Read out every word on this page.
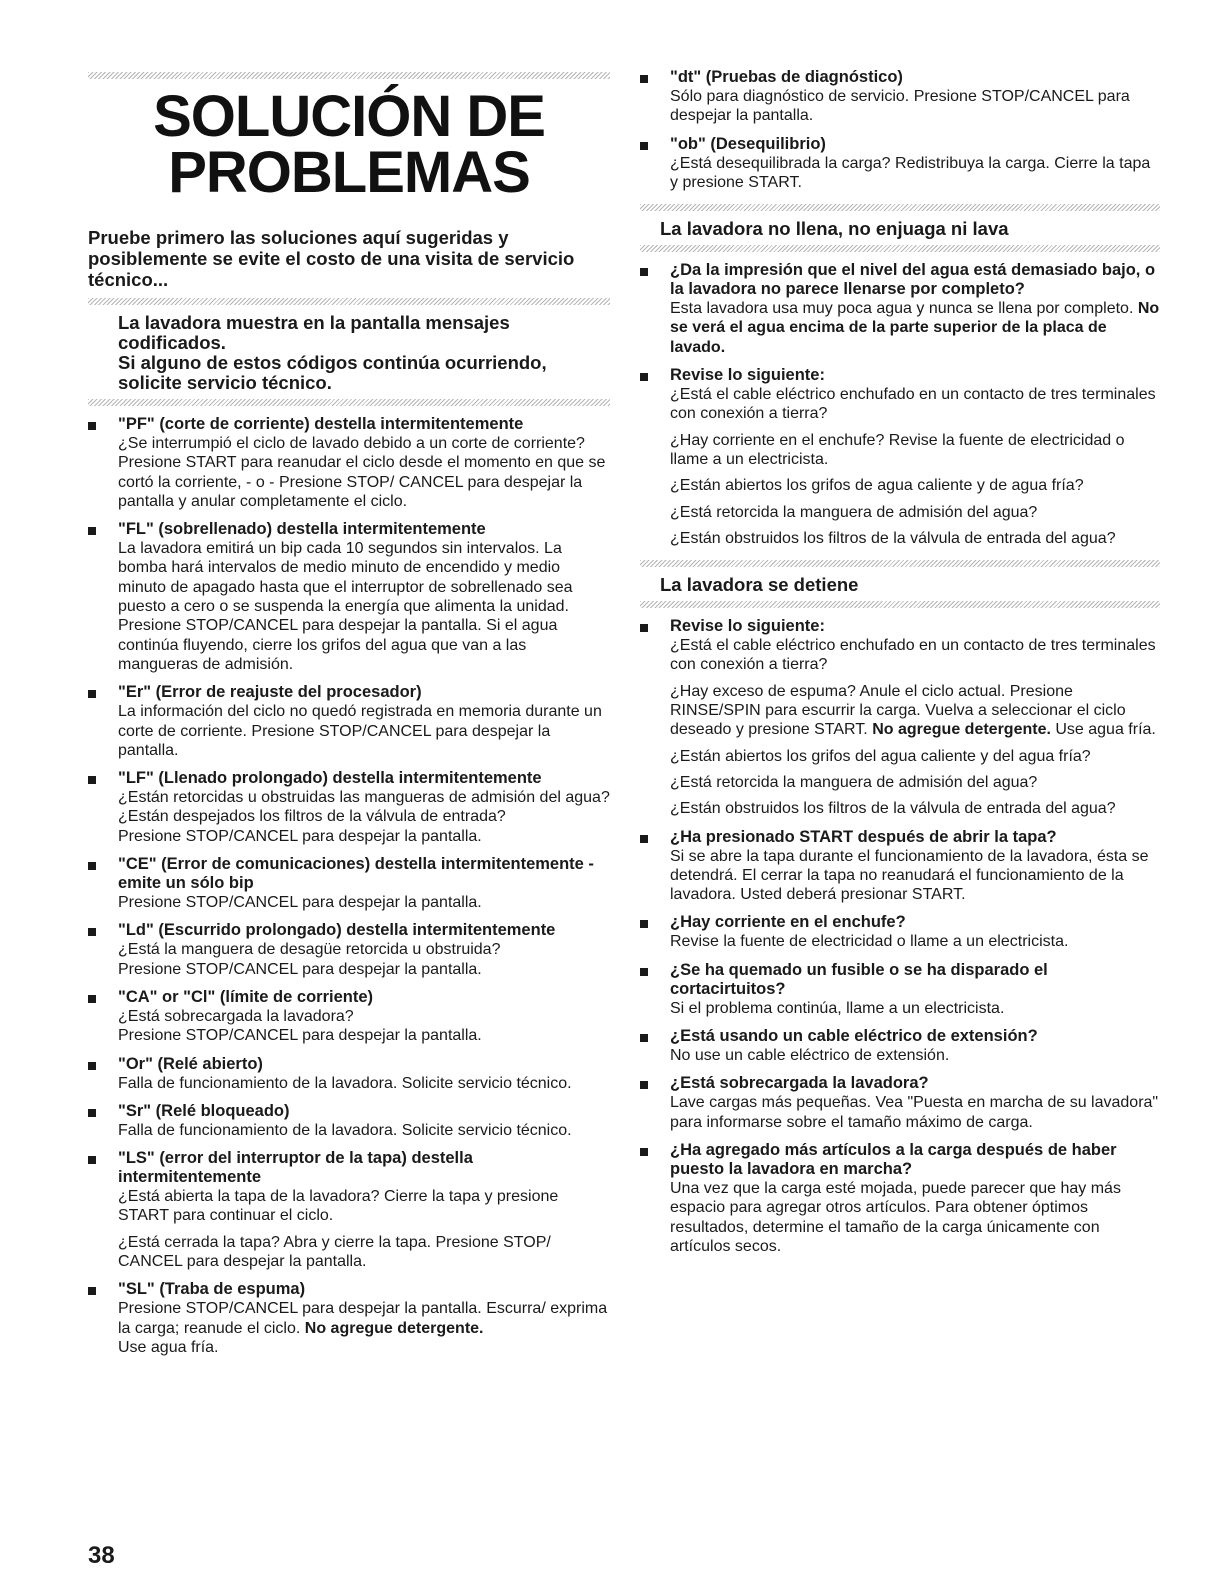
SOLUCIÓN DE
PROBLEMAS
Pruebe primero las soluciones aquí sugeridas y posiblemente se evite el costo de una visita de servicio técnico...
La lavadora muestra en la pantalla mensajes codificados.
Si alguno de estos códigos continúa ocurriendo, solicite servicio técnico.
"PF" (corte de corriente) destella intermitentemente
¿Se interrumpió el ciclo de lavado debido a un corte de corriente? Presione START para reanudar el ciclo desde el momento en que se cortó la corriente, - o - Presione STOP/ CANCEL para despejar la pantalla y anular completamente el ciclo.
"FL" (sobrellenado) destella intermitentemente
La lavadora emitirá un bip cada 10 segundos sin intervalos. La bomba hará intervalos de medio minuto de encendido y medio minuto de apagado hasta que el interruptor de sobrellenado sea puesto a cero o se suspenda la energía que alimenta la unidad. Presione STOP/CANCEL para despejar la pantalla. Si el agua continúa fluyendo, cierre los grifos del agua que van a las mangueras de admisión.
"Er" (Error de reajuste del procesador)
La información del ciclo no quedó registrada en memoria durante un corte de corriente. Presione STOP/CANCEL para despejar la pantalla.
"LF" (Llenado prolongado) destella intermitentemente
¿Están retorcidas u obstruidas las mangueras de admisión del agua?
¿Están despejados los filtros de la válvula de entrada?
Presione STOP/CANCEL para despejar la pantalla.
"CE" (Error de comunicaciones) destella intermitentemente - emite un sólo bip
Presione STOP/CANCEL para despejar la pantalla.
"Ld" (Escurrido prolongado) destella intermitentemente
¿Está la manguera de desagüe retorcida u obstruida?
Presione STOP/CANCEL para despejar la pantalla.
"CA" or "Cl" (límite de corriente)
¿Está sobrecargada la lavadora?
Presione STOP/CANCEL para despejar la pantalla.
"Or" (Relé abierto)
Falla de funcionamiento de la lavadora. Solicite servicio técnico.
"Sr" (Relé bloqueado)
Falla de funcionamiento de la lavadora. Solicite servicio técnico.
"LS" (error del interruptor de la tapa) destella intermitentemente
¿Está abierta la tapa de la lavadora? Cierre la tapa y presione START para continuar el ciclo.
¿Está cerrada la tapa? Abra y cierre la tapa. Presione STOP/ CANCEL para despejar la pantalla.
"SL" (Traba de espuma)
Presione STOP/CANCEL para despejar la pantalla. Escurra/ exprima la carga; reanude el ciclo. No agregue detergente.
Use agua fría.
"dt" (Pruebas de diagnóstico)
Sólo para diagnóstico de servicio. Presione STOP/CANCEL para despejar la pantalla.
"ob" (Desequilibrio)
¿Está desequilibrada la carga? Redistribuya la carga. Cierre la tapa y presione START.
La lavadora no llena, no enjuaga ni lava
¿Da la impresión que el nivel del agua está demasiado bajo, o la lavadora no parece llenarse por completo?
Esta lavadora usa muy poca agua y nunca se llena por completo. No se verá el agua encima de la parte superior de la placa de lavado.
Revise lo siguiente:
¿Está el cable eléctrico enchufado en un contacto de tres terminales con conexión a tierra?
¿Hay corriente en el enchufe? Revise la fuente de electricidad o llame a un electricista.
¿Están abiertos los grifos de agua caliente y de agua fría?
¿Está retorcida la manguera de admisión del agua?
¿Están obstruidos los filtros de la válvula de entrada del agua?
La lavadora se detiene
Revise lo siguiente:
¿Está el cable eléctrico enchufado en un contacto de tres terminales con conexión a tierra?
¿Hay exceso de espuma? Anule el ciclo actual. Presione RINSE/SPIN para escurrir la carga. Vuelva a seleccionar el ciclo deseado y presione START. No agregue detergente. Use agua fría.
¿Están abiertos los grifos del agua caliente y del agua fría?
¿Está retorcida la manguera de admisión del agua?
¿Están obstruidos los filtros de la válvula de entrada del agua?
¿Ha presionado START después de abrir la tapa?
Si se abre la tapa durante el funcionamiento de la lavadora, ésta se detendrá. El cerrar la tapa no reanudará el funcionamiento de la lavadora. Usted deberá presionar START.
¿Hay corriente en el enchufe?
Revise la fuente de electricidad o llame a un electricista.
¿Se ha quemado un fusible o se ha disparado el cortacirtuitos?
Si el problema continúa, llame a un electricista.
¿Está usando un cable eléctrico de extensión?
No use un cable eléctrico de extensión.
¿Está sobrecargada la lavadora?
Lave cargas más pequeñas. Vea "Puesta en marcha de su lavadora" para informarse sobre el tamaño máximo de carga.
¿Ha agregado más artículos a la carga después de haber puesto la lavadora en marcha?
Una vez que la carga esté mojada, puede parecer que hay más espacio para agregar otros artículos. Para obtener óptimos resultados, determine el tamaño de la carga únicamente con artículos secos.
38
